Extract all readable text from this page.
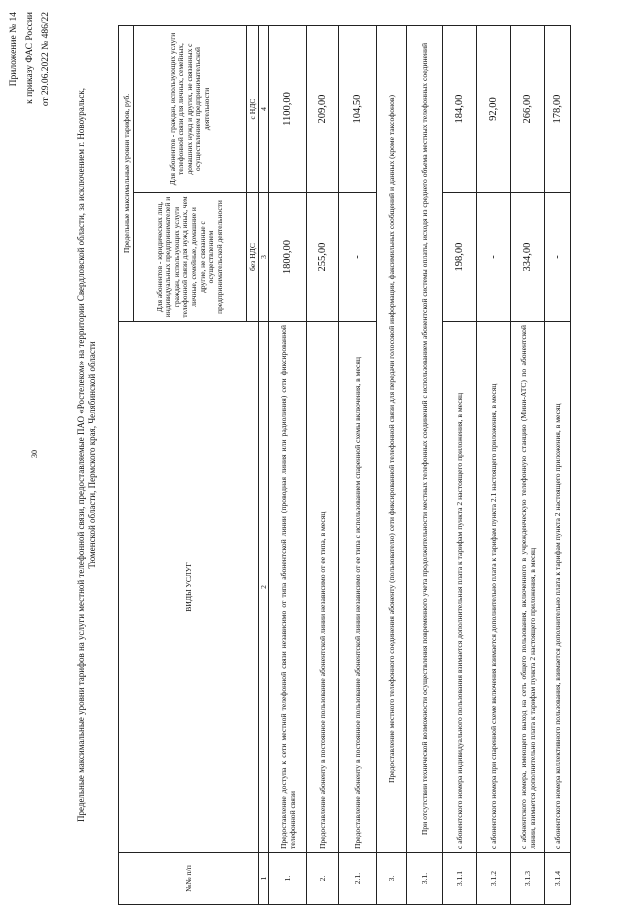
Приложение № 14 к приказу ФАС России от 29.06.2022 № 486/22
30	Предельные максимальные уровни тарифов на услуги местной телефонной связи, предоставляемые ПАО «Ростелеком» на территории Свердловской области, за исключением г. Новоуральск, Тюменской области, Пермского края, Челябинской области
№№ п/п	ВИДЫ УСЛУГ	Предельные максимальные уровни тарифов, руб.	
		Для абонентов - юридических лиц, индивидуальных предпринимателей и граждан, использующих услуги телефонной связи для нужд иных, чем личные, семейные, домашние и другие, не связанные с осуществлением предпринимательской деятельности	Для абонентов - граждан, использующих услуги телефонной связи для личных, семейных, домашних нужд и других, не связанных с осуществлением предпринимательской деятельности
		без НДС	с НДС
1	2	3	4
1.	Предоставление доступа к сети местной телефонной связи независимо от типа абонентской линии (проводная линия или радиолиния) сети фиксированной телефонной связи	1800,00	1100,00
2.	Предоставление абоненту в постоянное пользование абонентской линии независимо от ее типа, в месяц	255,00	209,00
2.1.	Предоставление абоненту в постоянное пользование абонентской линии независимо от ее типа с использованием спаренной схемы включения, в месяц	-	104,50
3.	Предоставление местного телефонного соединения абоненту (пользователю) сети фиксированной телефонной связи для передачи голосовой информации, факсимильных сообщений и данных (кроме таксофонов)		
3.1.	При отсутствии технической возможности осуществления повременного учета продолжительности местных телефонных соединений с использованием абонентской системы оплаты, исходя из среднего объема местных телефонных соединений		
3.1.1	с абонентского номера индивидуального пользования взимается дополнительная плата к тарифам пункта 2 настоящего приложения, в месяц	198,00	184,00
3.1.2	с абонентского номера при спаренной схеме включения взимается дополнительно плата к тарифам пункта 2.1 настоящего приложения, в месяц	-	92,00
3.1.3	с абонентского номера, имеющего выход на сеть общего пользования, включенного в учрежденческую телефонную станцию (Мини-АТС) по абонентской линии, взимается дополнительно плата к тарифам пункта 2 настоящего приложения, в месяц	334,00	266,00
3.1.4	с абонентского номера коллективного пользования, взимается дополнительно плата к тарифам пункта 2 настоящего приложения, в месяц	-	178,00
